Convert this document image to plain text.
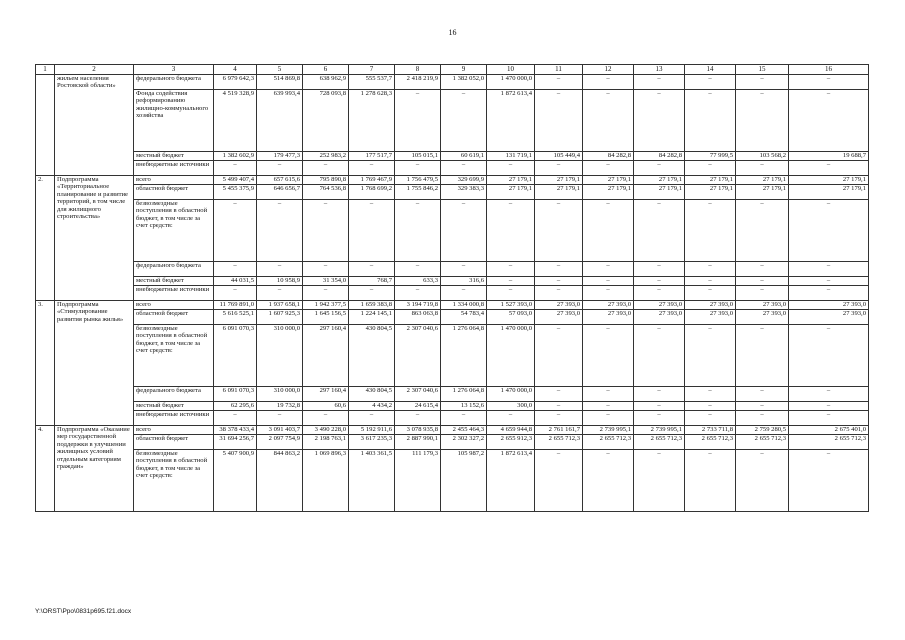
16
1	2	3	4	5	6	7	8	9	10	11	12	13	14	15	16
	жильем населения Ростовской области»	федерального бюджета	6 979 642,3	514 869,8	638 962,9	555 537,7	2 418 219,9	1 382 052,0	1 470 000,0	–	–	–	–	–	–
		Фонда содействия реформированию жилищно-коммунального хозяйства	4 519 328,9	639 993,4	728 093,8	1 278 628,3	–	–	1 872 613,4	–	–	–	–	–	–
		местный бюджет	1 382 602,9	179 477,3	252 983,2	177 517,7	105 015,1	60 619,1	131 719,1	105 449,4	84 282,8	84 282,8	77 999,5	103 568,2	19 688,7
		внебюджетные источники	–	–	–	–	–	–	–	–	–	–	–	–	–
2.	Подпрограмма «Территориальное планирование и развитие территорий, в том числе для жилищного строительства»	всего	5 499 407,4	657 615,6	795 890,8	1 769 467,9	1 756 479,5	329 699,9	27 179,1	27 179,1	27 179,1	27 179,1	27 179,1	27 179,1	27 179,1
		областной бюджет	5 455 375,9	646 656,7	764 536,8	1 768 699,2	1 755 846,2	329 383,3	27 179,1	27 179,1	27 179,1	27 179,1	27 179,1	27 179,1	27 179,1
		безвозмездные поступления в областной бюджет, в том числе за счет средств:	–	–	–	–	–	–	–	–	–	–	–	–	–
		федерального бюджета	–	–	–	–	–	–	–	–	–	–	–	–	–
		местный бюджет	44 031,5	10 958,9	31 354,0	768,7	633,3	316,6	–	–	–	–	–	–	–
		внебюджетные источники	–	–	–	–	–	–	–	–	–	–	–	–	–
3.	Подпрограмма «Стимулирование развития рынка жилья»	всего	11 769 891,0	1 937 658,1	1 942 377,5	1 659 383,8	3 194 719,8	1 334 000,8	1 527 393,0	27 393,0	27 393,0	27 393,0	27 393,0	27 393,0	27 393,0
		областной бюджет	5 616 525,1	1 607 925,3	1 645 156,5	1 224 145,1	863 063,8	54 783,4	57 093,0	27 393,0	27 393,0	27 393,0	27 393,0	27 393,0	27 393,0
		безвозмездные поступления в областной бюджет, в том числе за счет средств:	6 091 070,3	310 000,0	297 160,4	430 804,5	2 307 040,6	1 276 064,8	1 470 000,0	–	–	–	–	–	–
		федерального бюджета	6 091 070,3	310 000,0	297 160,4	430 804,5	2 307 040,6	1 276 064,8	1 470 000,0	–	–	–	–	–	–
		местный бюджет	62 295,6	19 732,8	60,6	4 434,2	24 615,4	13 152,6	300,0	–	–	–	–	–	–
		внебюджетные источники	–	–	–	–	–	–	–	–	–	–	–	–	–
4.	Подпрограмма «Оказание мер государственной поддержки в улучшении жилищных условий отдельным категориям граждан»	всего	38 378 433,4	3 091 403,7	3 490 228,0	5 192 911,6	3 078 935,8	2 455 464,3	4 659 944,8	2 761 161,7	2 739 995,1	2 739 995,1	2 733 711,8	2 759 280,5	2 675 401,0
		областной бюджет	31 694 256,7	2 097 754,9	2 198 763,1	3 617 235,3	2 887 990,1	2 302 327,2	2 655 912,3	2 655 712,3	2 655 712,3	2 655 712,3	2 655 712,3	2 655 712,3	2 655 712,3
		безвозмездные поступления в областной бюджет, в том числе за счет средств:	5 407 900,9	844 863,2	1 069 896,3	1 403 361,5	111 179,3	105 987,2	1 872 613,4	–	–	–	–	–	–
Y:\ORST\Ppo\0831p695.f21.docx
